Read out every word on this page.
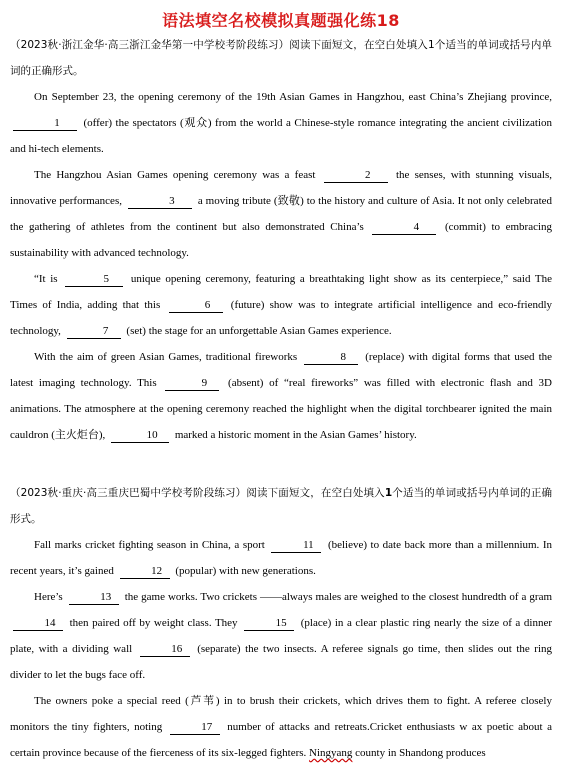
语法填空名校模拟真题强化练18

（2023秋·浙江金华·高三浙江金华第一中学校考阶段练习）阅读下面短文，在空白处填入1个适当的单词或括号内单词的正确形式。

On September 23, the opening ceremony of the 19th Asian Games in Hangzhou, east China’s Zhejiang province, 1 (offer) the spectators (观众) from the world a Chinese-style romance integrating the ancient civilization and hi-tech elements.

The Hangzhou Asian Games opening ceremony was a feast	2 the senses, with stunning visuals, innovative performances,	3 a moving tribute (致敬) to the history and culture of Asia. It not only celebrated the gathering of athletes from the continent but also demonstrated China’s	4 (commit) to embracing sustainability with advanced technology.

“It is	5 unique opening ceremony, featuring a breathtaking light show as its centerpiece,” said The Times of India, adding that this	6 (future) show was to integrate artificial intelligence and eco-friendly technology,	7 (set) the stage for an unforgettable Asian Games experience.

With the aim of green Asian Games, traditional fireworks	8 (replace) with digital forms that used the latest imaging technology. This	9 (absent) of “real fireworks” was filled with electronic flash and 3D animations. The atmosphere at the opening ceremony reached the highlight when the digital torchbearer ignited the main cauldron (主火炬台),	10 marked a historic moment in the Asian Games’ history.

（2023秋·重庆·高三重庆巴蜀中学校考阶段练习）阅读下面短文，在空白处填入1个适当的单词或括号内单词的正确形式。

Fall marks cricket fighting season in China, a sport	11 (believe) to date back more than a millennium. In recent years, it’s gained	12 (popular) with new generations.

Here’s	13 the game works. Two crickets ——always males are weighed to the closest hundredth of a gram 14 then paired off by weight class. They	15 (place) in a clear plastic ring nearly the size of a dinner plate, with a dividing wall	16 (separate) the two insects. A referee signals go time, then slides out the ring divider to let the bugs face off.

The owners poke a special reed (芦苇) in to brush their crickets, which drives them to fight. A referee closely monitors the tiny fighters, noting	17 number of attacks and retreats.Cricket enthusiasts w ax poetic about a certain province because of the fierceness of its six-legged fighters. Ningyang county in Shandong produces
